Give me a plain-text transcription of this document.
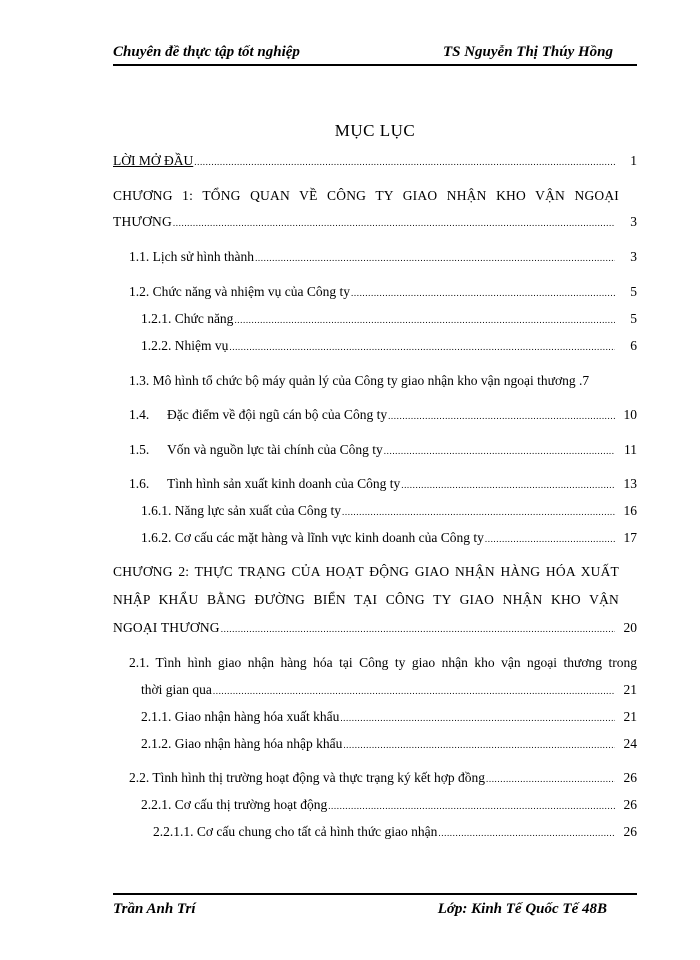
Chuyên đề thực tập tốt nghiệp	TS Nguyễn Thị Thúy Hồng
MỤC LỤC
LỜI MỞ ĐẦU .....	1
CHƯƠNG 1: TỔNG QUAN VỀ CÔNG TY GIAO NHẬN KHO VẬN NGOẠI
THƯƠNG .....	3
1.1. Lịch sử hình thành .....	3
1.2. Chức năng và nhiệm vụ của Công ty .....	5
1.2.1. Chức năng .....	5
1.2.2. Nhiệm vụ .....	6
1.3. Mô hình tổ chức bộ máy quản lý của Công ty giao nhận kho vận ngoại thương .7
1.4.	Đặc điểm về đội ngũ cán bộ của Công ty .....	10
1.5.	Vốn và nguồn lực tài chính của Công ty .....	11
1.6.	Tình hình sản xuất kinh doanh của Công ty .....	13
1.6.1. Năng lực sản xuất của Công ty .....	16
1.6.2. Cơ cấu các mặt hàng và lĩnh vực kinh doanh của Công ty .....	17
CHƯƠNG 2: THỰC TRẠNG CỦA HOẠT ĐỘNG GIAO NHẬN HÀNG HÓA XUẤT
NHẬP KHẨU BẰNG ĐƯỜNG BIỂN TẠI CÔNG TY GIAO NHẬN KHO VẬN
NGOẠI THƯƠNG .....	20
2.1. Tình hình giao nhận hàng hóa tại Công ty giao nhận kho vận ngoại thương trong
thời gian qua .....	21
2.1.1. Giao nhận hàng hóa xuất khẩu .....	21
2.1.2. Giao nhận hàng hóa nhập khẩu .....	24
2.2. Tình hình thị trường hoạt động và thực trạng ký kết hợp đồng .....	26
2.2.1. Cơ cấu thị trường hoạt động .....	26
2.2.1.1. Cơ cấu chung cho tất cả hình thức giao nhận .....	26
Trần Anh Trí	Lớp: Kinh Tế Quốc Tế 48B
